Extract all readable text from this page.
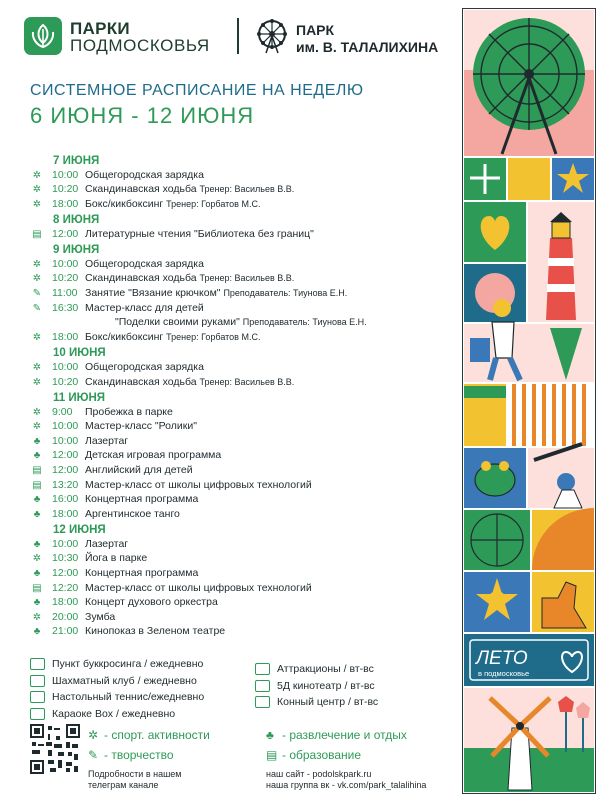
ПАРКИ
ПОДМОСКОВЬЯ
ПАРК
им. В. ТАЛАЛИХИНА
СИСТЕМНОЕ РАСПИСАНИЕ НА НЕДЕЛЮ
6 ИЮНЯ - 12 ИЮНЯ
7 ИЮНЯ
✲ 10:00 Общегородская зарядка
✲ 10:20 Скандинавская ходьба Тренер: Васильев В.В.
✲ 18:00 Бокс/кикбоксинг Тренер: Горбатов М.С.
8 ИЮНЯ
▤ 12:00 Литературные чтения "Библиотека без границ"
9 ИЮНЯ
✲ 10:00 Общегородская зарядка
✲ 10:20 Скандинавская ходьба Тренер: Васильев В.В.
✎ 11:00 Занятие "Вязание крючком" Преподаватель: Тиунова Е.Н.
✎ 16:30 Мастер-класс для детей
"Поделки своими руками" Преподаватель: Тиунова Е.Н.
✲ 18:00 Бокс/кикбоксинг Тренер: Горбатов М.С.
10 ИЮНЯ
✲ 10:00 Общегородская зарядка
✲ 10:20 Скандинавская ходьба Тренер: Васильев В.В.
11 ИЮНЯ
✲ 9:00 Пробежка в парке
✲ 10:00 Мастер-класс "Ролики"
♣	10:00 Лазертаг
♣	12:00 Детская игровая программа
▤ 12:00 Английский для детей
▤ 13:20 Мастер-класс от школы цифровых технологий
♣	16:00 Концертная программа
♣	18:00 Аргентинское танго
12 ИЮНЯ
♣	10:00 Лазертаг
✲ 10:30 Йога в парке
♣	12:00 Концертная программа
▤ 12:20 Мастер-класс от школы цифровых технологий
♣	18:00 Концерт духового оркестра
✲ 20:00 Зумба
♣	21:00 Кинопоказ в Зеленом театре
Пункт буккросинга / ежедневно
Шахматный клуб / ежедневно
Настольный теннис/ежедневно
Караоке Box / ежедневно
Аттракционы / вт-вс
5Д кинотеатр / вт-вс
Конный центр / вт-вс
✲ - спорт. активности	♣ - развлечение и отдых
✎ - творчество	▤ - образование
Подробности в нашем
телеграм канале
наш сайт - podolskpark.ru
наша группа вк - vk.com/park_talalihina
ЛЕТО
в подмосковье
